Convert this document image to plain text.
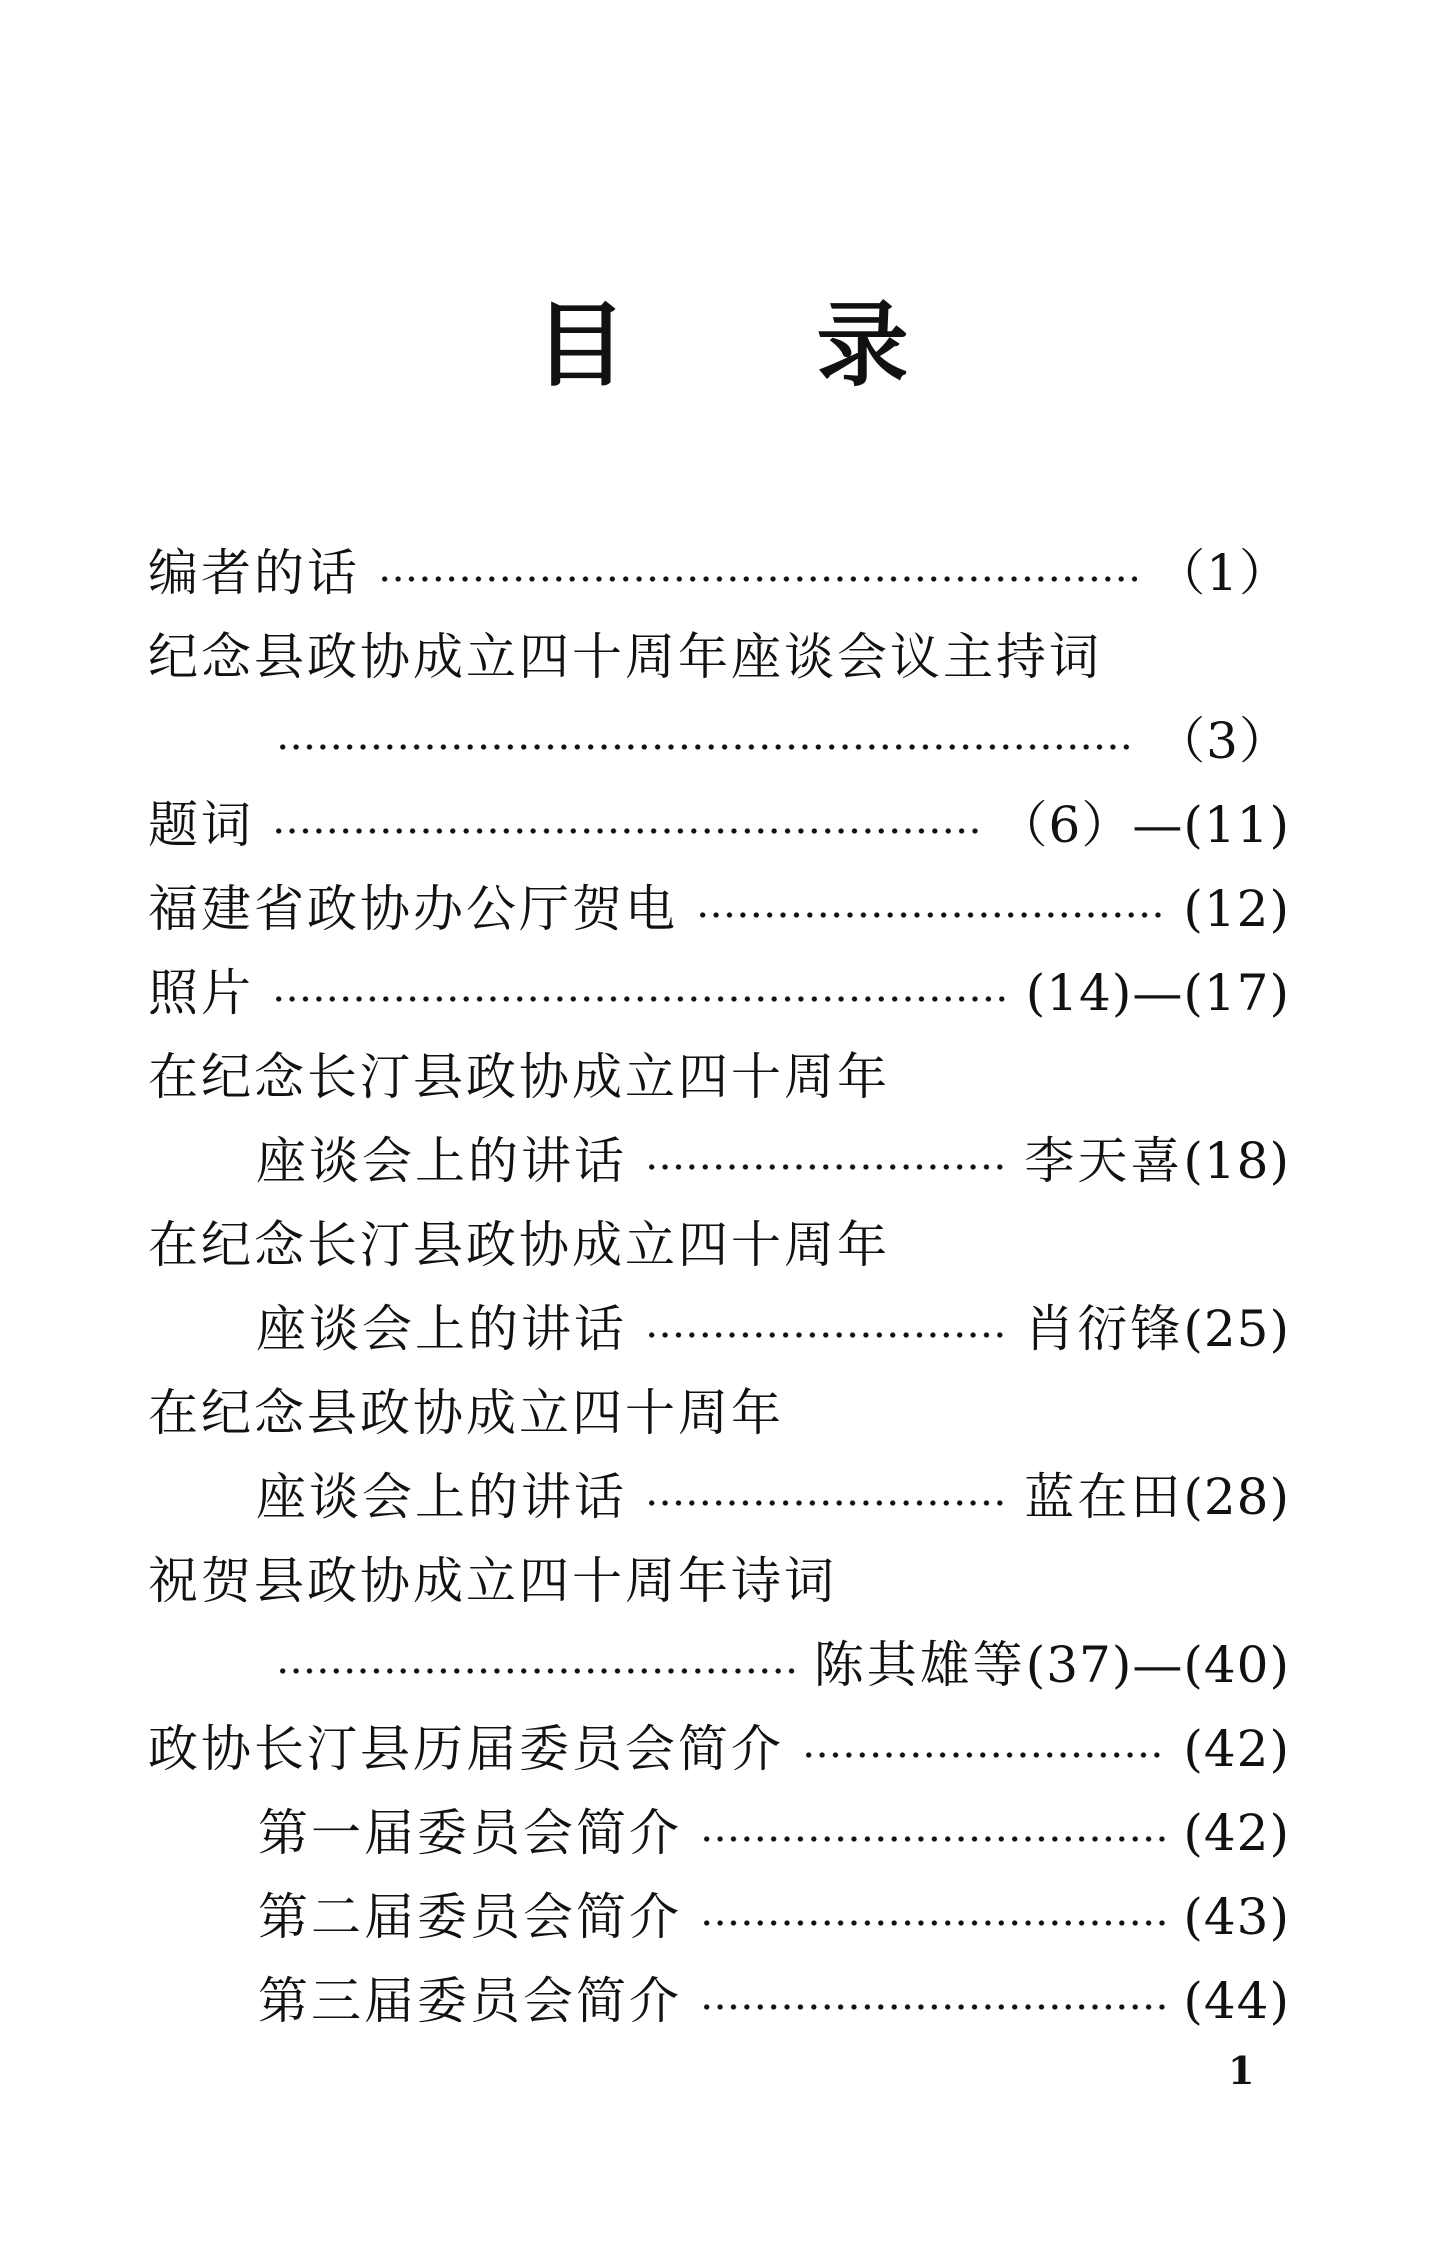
目 录
编者的话	（1）
纪念县政协成立四十周年座谈会议主持词
（3）
题词	（6）—(11)
福建省政协办公厅贺电	(12)
照片	(14)—(17)
在纪念长汀县政协成立四十周年
座谈会上的讲话	李天喜 (18)
在纪念长汀县政协成立四十周年
座谈会上的讲话	肖衍锋 (25)
在纪念县政协成立四十周年
座谈会上的讲话	蓝在田 (28)
祝贺县政协成立四十周年诗词
陈其雄等 (37)—(40)
政协长汀县历届委员会简介	(42)
第一届委员会简介	(42)
第二届委员会简介	(43)
第三届委员会简介	(44)
1
